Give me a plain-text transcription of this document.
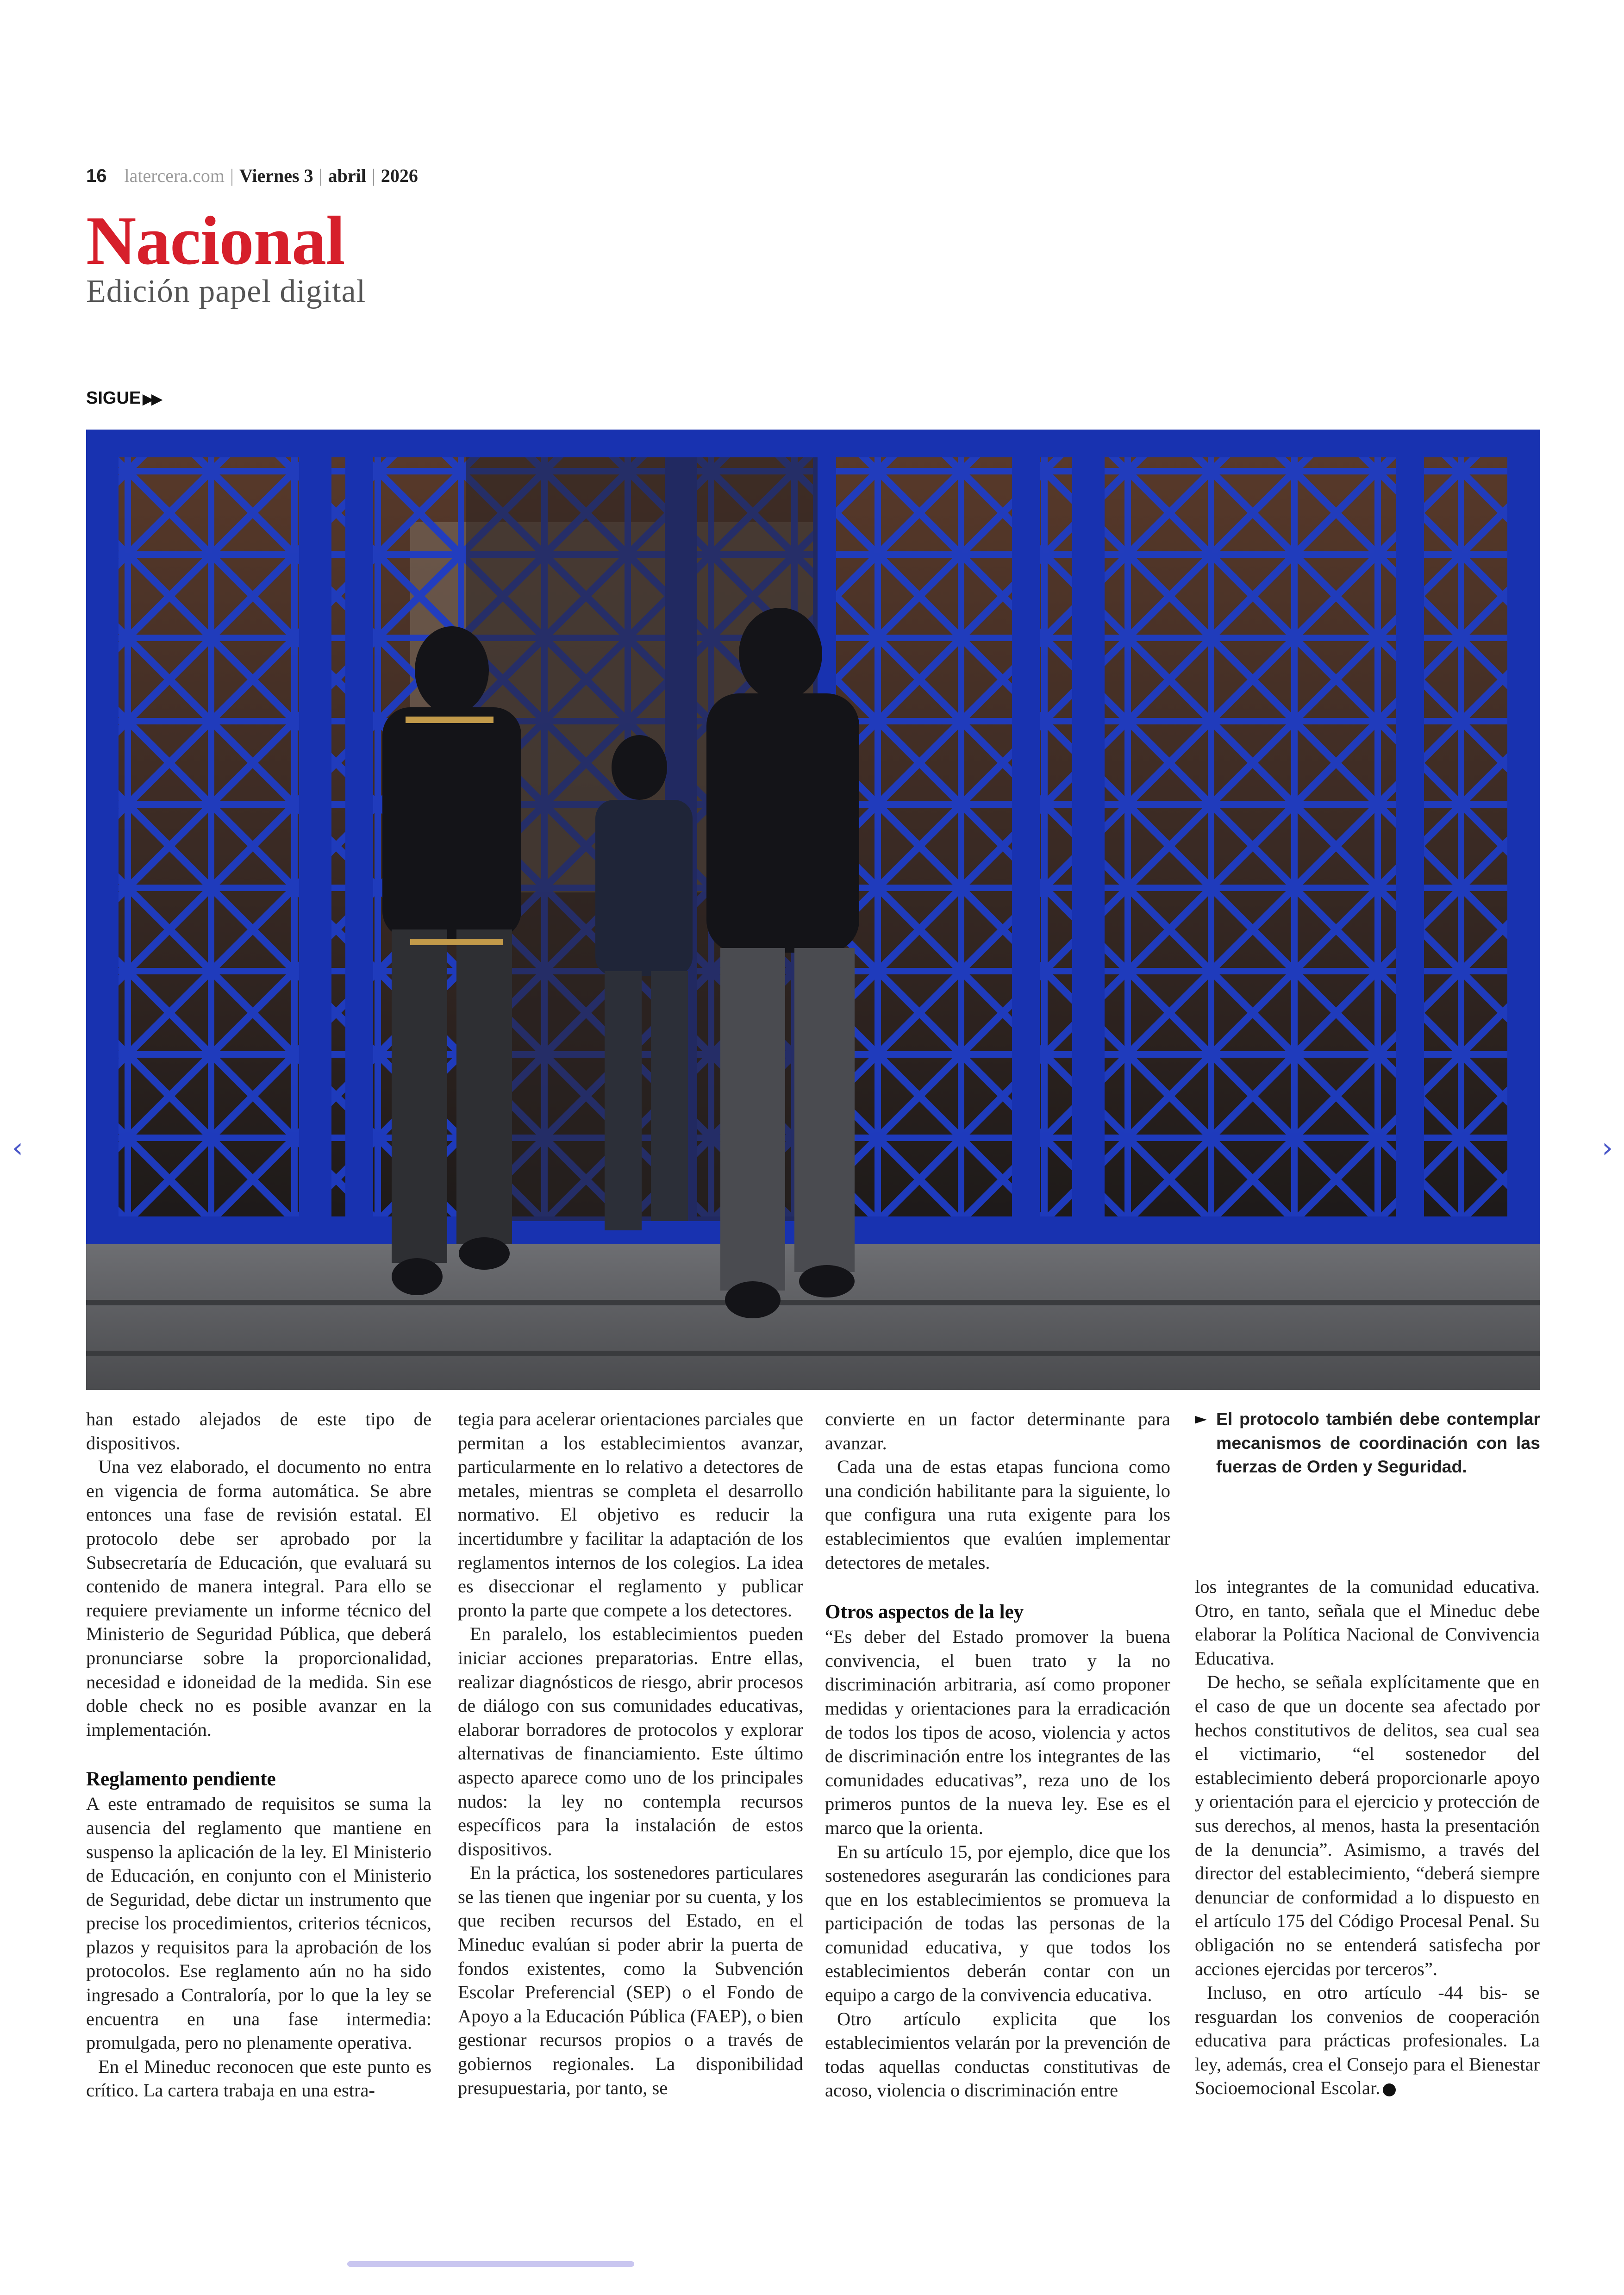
16 latercera.com | Viernes 3 | abril | 2026
Nacional
Edición papel digital
SIGUE ▶▶
‹	›

han estado alejados de este tipo de dispositivos.

Una vez elaborado, el documento no entra en vigencia de forma automática. Se abre entonces una fase de revisión estatal. El protocolo debe ser aprobado por la Subsecretaría de Educación, que evaluará su contenido de manera integral. Para ello se requiere previamente un informe técnico del Ministerio de Seguridad Pública, que deberá pronunciarse sobre la proporcionalidad, necesidad e idoneidad de la medida. Sin ese doble check no es posible avanzar en la implementación.

Reglamento pendiente

A este entramado de requisitos se suma la ausencia del reglamento que mantiene en suspenso la aplicación de la ley. El Ministerio de Educación, en conjunto con el Ministerio de Seguridad, debe dictar un instrumento que precise los procedimientos, criterios técnicos, plazos y requisitos para la aprobación de los protocolos. Ese reglamento aún no ha sido ingresado a Contraloría, por lo que la ley se encuentra en una fase intermedia: promulgada, pero no plenamente operativa.

En el Mineduc reconocen que este punto es crítico. La cartera trabaja en una estra-

tegia para acelerar orientaciones parciales que permitan a los establecimientos avanzar, particularmente en lo relativo a detectores de metales, mientras se completa el desarrollo normativo. El objetivo es reducir la incertidumbre y facilitar la adaptación de los reglamentos internos de los colegios. La idea es diseccionar el reglamento y publicar pronto la parte que compete a los detectores.

En paralelo, los establecimientos pueden iniciar acciones preparatorias. Entre ellas, realizar diagnósticos de riesgo, abrir procesos de diálogo con sus comunidades educativas, elaborar borradores de protocolos y explorar alternativas de financiamiento. Este último aspecto aparece como uno de los principales nudos: la ley no contempla recursos específicos para la instalación de estos dispositivos.

En la práctica, los sostenedores particulares se las tienen que ingeniar por su cuenta, y los que reciben recursos del Estado, en el Mineduc evalúan si poder abrir la puerta de fondos existentes, como la Subvención Escolar Preferencial (SEP) o el Fondo de Apoyo a la Educación Pública (FAEP), o bien gestionar recursos propios o a través de gobiernos regionales. La disponibilidad presupuestaria, por tanto, se

convierte en un factor determinante para avanzar.

Cada una de estas etapas funciona como una condición habilitante para la siguiente, lo que configura una ruta exigente para los establecimientos que evalúen implementar detectores de metales.

Otros aspectos de la ley

“Es deber del Estado promover la buena convivencia, el buen trato y la no discriminación arbitraria, así como proponer medidas y orientaciones para la erradicación de todos los tipos de acoso, violencia y actos de discriminación entre los integrantes de las comunidades educativas”, reza uno de los primeros puntos de la nueva ley. Ese es el marco que la orienta.

En su artículo 15, por ejemplo, dice que los sostenedores asegurarán las condiciones para que en los establecimientos se promueva la participación de todas las personas de la comunidad educativa, y que todos los establecimientos deberán contar con un equipo a cargo de la convivencia educativa.

Otro artículo explicita que los establecimientos velarán por la prevención de todas aquellas conductas constitutivas de acoso, violencia o discriminación entre

► El protocolo también debe contemplar mecanismos de coordinación con las fuerzas de Orden y Seguridad.

los integrantes de la comunidad educativa. Otro, en tanto, señala que el Mineduc debe elaborar la Política Nacional de Convivencia Educativa.

De hecho, se señala explícitamente que en el caso de que un docente sea afectado por hechos constitutivos de delitos, sea cual sea el victimario, “el sostenedor del establecimiento deberá proporcionarle apoyo y orientación para el ejercicio y protección de sus derechos, al menos, hasta la presentación de la denuncia”. Asimismo, a través del director del establecimiento, “deberá siempre denunciar de conformidad a lo dispuesto en el artículo 175 del Código Procesal Penal. Su obligación no se entenderá satisfecha por acciones ejercidas por terceros”.

Incluso, en otro artículo -44 bis- se resguardan los convenios de cooperación educativa para prácticas profesionales. La ley, además, crea el Consejo para el Bienestar Socioemocional Escolar.
